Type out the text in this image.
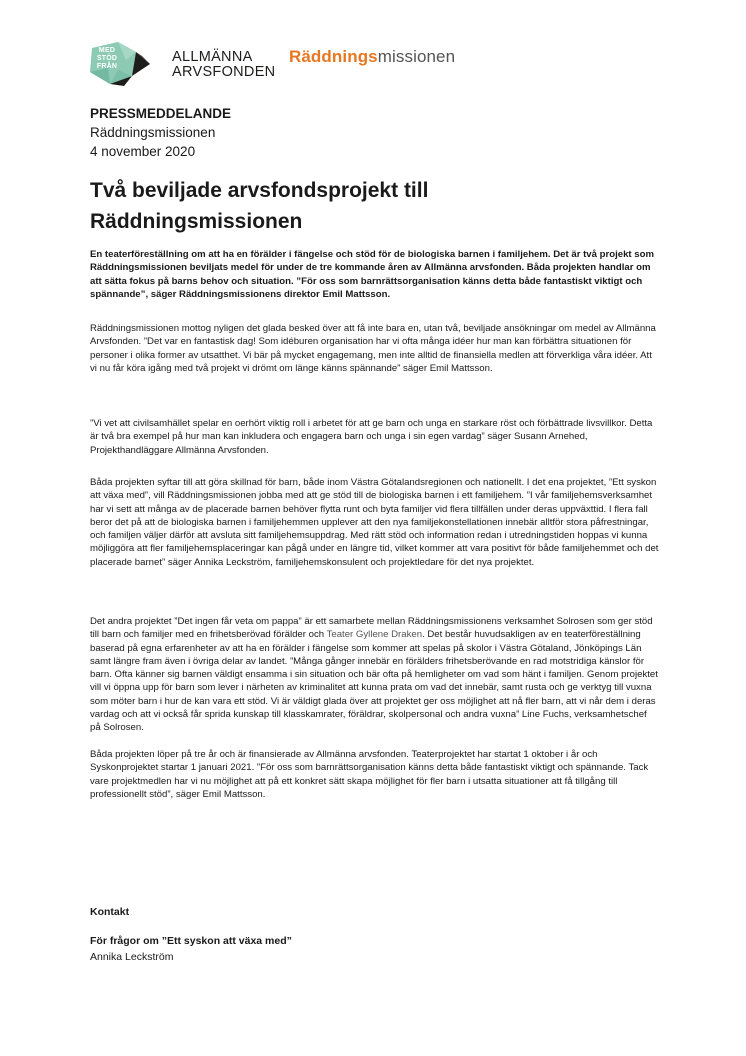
MED
STÖD
FRÅN
ALLMÄNNA
ARVSFONDEN
Räddningsmissionen
PRESSMEDDELANDE
Räddningsmissionen
4 november 2020
Två beviljade arvsfondsprojekt till Räddningsmissionen

En teaterföreställning om att ha en förälder i fängelse och stöd för de biologiska barnen i familjehem. Det är två projekt som Räddningsmissionen beviljats medel för under de tre kommande åren av Allmänna arvsfonden. Båda projekten handlar om att sätta fokus på barns behov och situation. ”För oss som barnrättsorganisation känns detta både fantastiskt viktigt och spännande”, säger Räddningsmissionens direktor Emil Mattsson.

Räddningsmissionen mottog nyligen det glada besked över att få inte bara en, utan två, beviljade ansökningar om medel av Allmänna Arvsfonden. ”Det var en fantastisk dag! Som idéburen organisation har vi ofta många idéer hur man kan förbättra situationen för personer i olika former av utsatthet. Vi bär på mycket engagemang, men inte alltid de finansiella medlen att förverkliga våra idéer. Att vi nu får köra igång med två projekt vi drömt om länge känns spännande” säger Emil Mattsson.

”Vi vet att civilsamhället spelar en oerhört viktig roll i arbetet för att ge barn och unga en starkare röst och förbättrade livsvillkor. Detta är två bra exempel på hur man kan inkludera och engagera barn och unga i sin egen vardag” säger Susann Arnehed, Projekthandläggare Allmänna Arvsfonden.

Båda projekten syftar till att göra skillnad för barn, både inom Västra Götalandsregionen och nationellt. I det ena projektet, ”Ett syskon att växa med”, vill Räddningsmissionen jobba med att ge stöd till de biologiska barnen i ett familjehem. ”I vår familjehemsverksamhet har vi sett att många av de placerade barnen behöver flytta runt och byta familjer vid flera tillfällen under deras uppväxttid. I flera fall beror det på att de biologiska barnen i familjehemmen upplever att den nya familjekonstellationen innebär alltför stora påfrestningar, och familjen väljer därför att avsluta sitt familjehemsuppdrag. Med rätt stöd och information redan i utredningstiden hoppas vi kunna möjliggöra att fler familjehemsplaceringar kan pågå under en längre tid, vilket kommer att vara positivt för både familjehemmet och det placerade barnet” säger Annika Leckström, familjehemskonsulent och projektledare för det nya projektet.

Det andra projektet ”Det ingen får veta om pappa” är ett samarbete mellan Räddningsmissionens verksamhet Solrosen som ger stöd till barn och familjer med en frihetsberövad förälder och Teater Gyllene Draken. Det består huvudsakligen av en teaterföreställning baserad på egna erfarenheter av att ha en förälder i fängelse som kommer att spelas på skolor i Västra Götaland, Jönköpings Län samt längre fram även i övriga delar av landet. ”Många gånger innebär en förälders frihetsberövande en rad motstridiga känslor för barn. Ofta känner sig barnen väldigt ensamma i sin situation och bär ofta på hemligheter om vad som hänt i familjen. Genom projektet vill vi öppna upp för barn som lever i närheten av kriminalitet att kunna prata om vad det innebär, samt rusta och ge verktyg till vuxna som möter barn i hur de kan vara ett stöd. Vi är väldigt glada över att projektet ger oss möjlighet att nå fler barn, att vi når dem i deras vardag och att vi också får sprida kunskap till klasskamrater, föräldrar, skolpersonal och andra vuxna” Line Fuchs, verksamhetschef på Solrosen.

Båda projekten löper på tre år och är finansierade av Allmänna arvsfonden. Teaterprojektet har startat 1 oktober i år och Syskonprojektet startar 1 januari 2021. ”För oss som barnrättsorganisation känns detta både fantastiskt viktigt och spännande. Tack vare projektmedlen har vi nu möjlighet att på ett konkret sätt skapa möjlighet för fler barn i utsatta situationer att få tillgång till professionellt stöd”, säger Emil Mattsson.

Kontakt
För frågor om ”Ett syskon att växa med”
Annika Leckström
